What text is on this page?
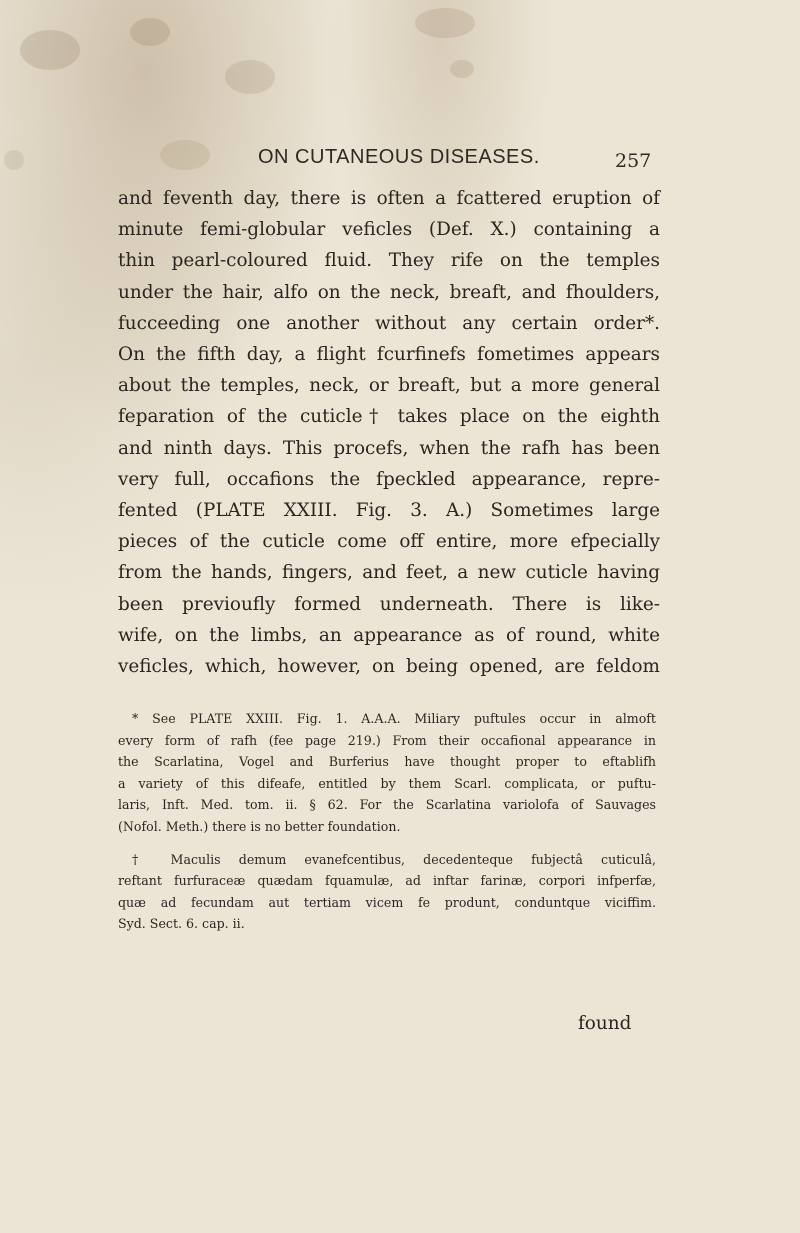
ON CUTANEOUS DISEASES.	257
and feventh day, there is often a fcattered eruption of
minute femi-globular veficles (Def. X.) containing a
thin pearl-coloured fluid. They rife on the temples
under the hair, alfo on the neck, breaft, and fhoulders,
fucceeding one another without any certain order*.
On the fifth day, a flight fcurfinefs fometimes appears
about the temples, neck, or breaft, but a more general
feparation of the cuticle† takes place on the eighth
and ninth days. This procefs, when the rafh has been
very full, occafions the fpeckled appearance, repre-
fented (PLATE XXIII. Fig. 3. A.) Sometimes large
pieces of the cuticle come off entire, more efpecially
from the hands, fingers, and feet, a new cuticle having
been previoufly formed underneath. There is like-
wife, on the limbs, an appearance as of round, white
veficles, which, however, on being opened, are feldom
* See PLATE XXIII. Fig. 1. A.A.A. Miliary puftules occur in almoft
every form of rafh (fee page 219.) From their occafional appearance in
the Scarlatina, Vogel and Burferius have thought proper to eftablifh
a variety of this difeafe, entitled by them Scarl. complicata, or puftu-
laris, Inft. Med. tom. ii. § 62. For the Scarlatina variolofa of Sauvages
(Nofol. Meth.) there is no better foundation.
† Maculis demum evanefcentibus, decedenteque fubjectâ cuticulâ,
reftant furfuraceæ quædam fquamulæ, ad inftar farinæ, corpori infperfæ,
quæ ad fecundam aut tertiam vicem fe produnt, conduntque viciffim.
Syd. Sect. 6. cap. ii.
found
